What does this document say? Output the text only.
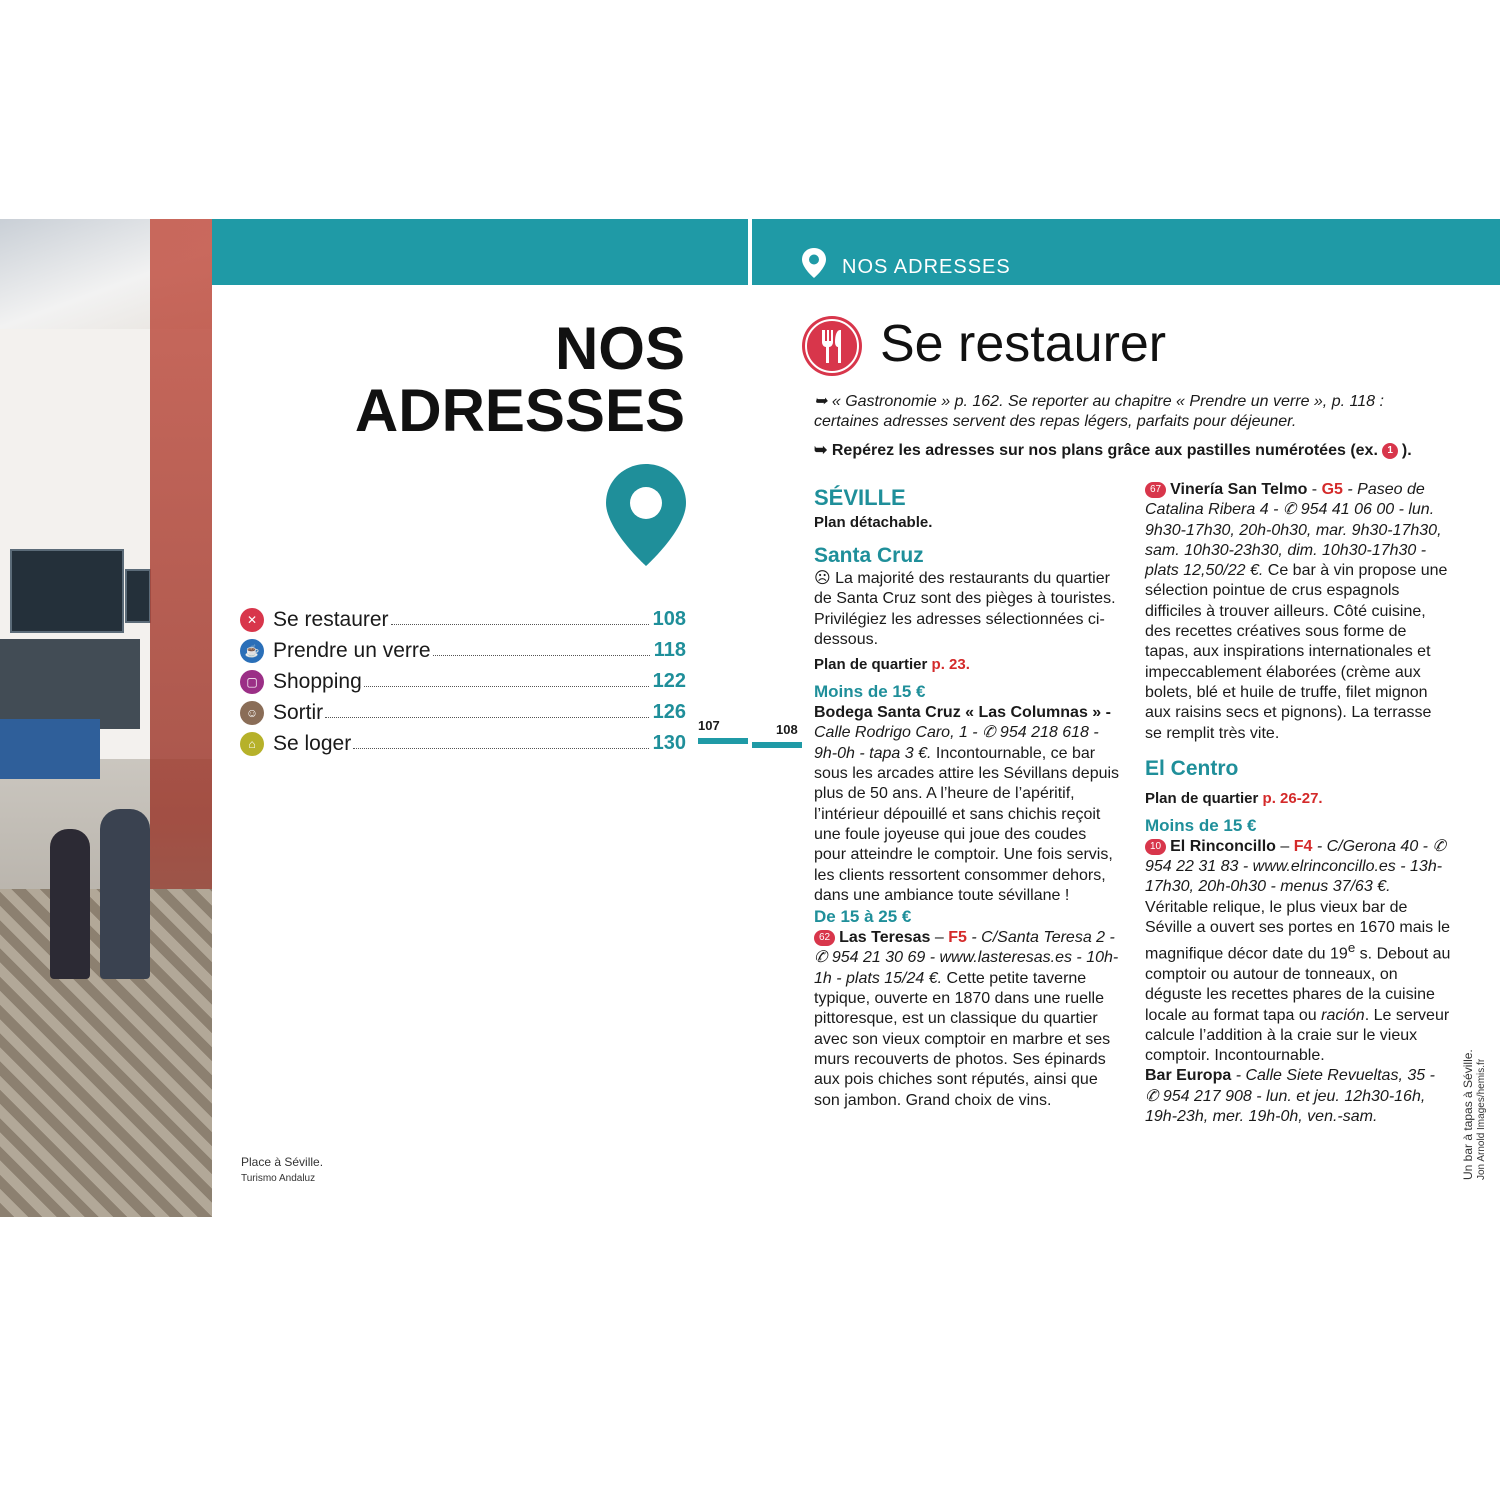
NOS ADRESSES
NOS
ADRESSES
✕ Se restaurer	108
☕ Prendre un verre	118
▢ Shopping	122
☺ Sortir	126
⌂ Se loger	130
Place à Séville.
Turismo Andaluz
107	108
Se restaurer
➥ « Gastronomie » p. 162. Se reporter au chapitre « Prendre un verre », p. 118 :
certaines adresses servent des repas légers, parfaits pour déjeuner.
➥ Repérez les adresses sur nos plans grâce aux pastilles numérotées (ex. 1 ).
SÉVILLE
Plan détachable.
Santa Cruz

☹ La majorité des restaurants du quartier de Santa Cruz sont des pièges à touristes. Privilégiez les adresses sélectionnées ci-dessous.

Plan de quartier p. 23.
Moins de 15 €

Bodega Santa Cruz « Las Columnas » - Calle Rodrigo Caro, 1 - ✆ 954 218 618 - 9h-0h - tapa 3 €. Incontournable, ce bar sous les arcades attire les Sévillans depuis plus de 50 ans. A l’heure de l’apéritif, l’intérieur dépouillé et sans chichis reçoit une foule joyeuse qui joue des coudes pour atteindre le comptoir. Une fois servis, les clients ressortent consommer dehors, dans une ambiance toute sévillane !

De 15 à 25 €

62 Las Teresas – F5 - C/Santa Teresa 2 - ✆ 954 21 30 69 - www.lasteresas.es - 10h-1h - plats 15/24 €. Cette petite taverne typique, ouverte en 1870 dans une ruelle pittoresque, est un classique du quartier avec son vieux comptoir en marbre et ses murs recouverts de photos. Ses épinards aux pois chiches sont réputés, ainsi que son jambon. Grand choix de vins.

67 Vinería San Telmo - G5 - Paseo de Catalina Ribera 4 - ✆ 954 41 06 00 - lun. 9h30-17h30, 20h-0h30, mar. 9h30-17h30, sam. 10h30-23h30, dim. 10h30-17h30 - plats 12,50/22 €. Ce bar à vin propose une sélection pointue de crus espagnols difficiles à trouver ailleurs. Côté cuisine, des recettes créatives sous forme de tapas, aux inspirations internationales et impeccablement élaborées (crème aux bolets, blé et huile de truffe, filet mignon aux raisins secs et pignons). La terrasse se remplit très vite.

El Centro
Plan de quartier p. 26-27.
Moins de 15 €

10 El Rinconcillo – F4 - C/Gerona 40 - ✆ 954 22 31 83 - www.elrinconcillo.es - 13h-17h30, 20h-0h30 - menus 37/63 €. Véritable relique, le plus vieux bar de Séville a ouvert ses portes en 1670 mais le magnifique décor date du 19e s. Debout au comptoir ou autour de tonneaux, on déguste les recettes phares de la cuisine locale au format tapa ou ración. Le serveur calcule l’addition à la craie sur le vieux comptoir. Incontournable.

Bar Europa - Calle Siete Revueltas, 35 - ✆ 954 217 908 - lun. et jeu. 12h30-16h, 19h-23h, mer. 19h-0h, ven.-sam.	Un bar à tapas à Séville. Jon Arnold Images/hemis.fr
